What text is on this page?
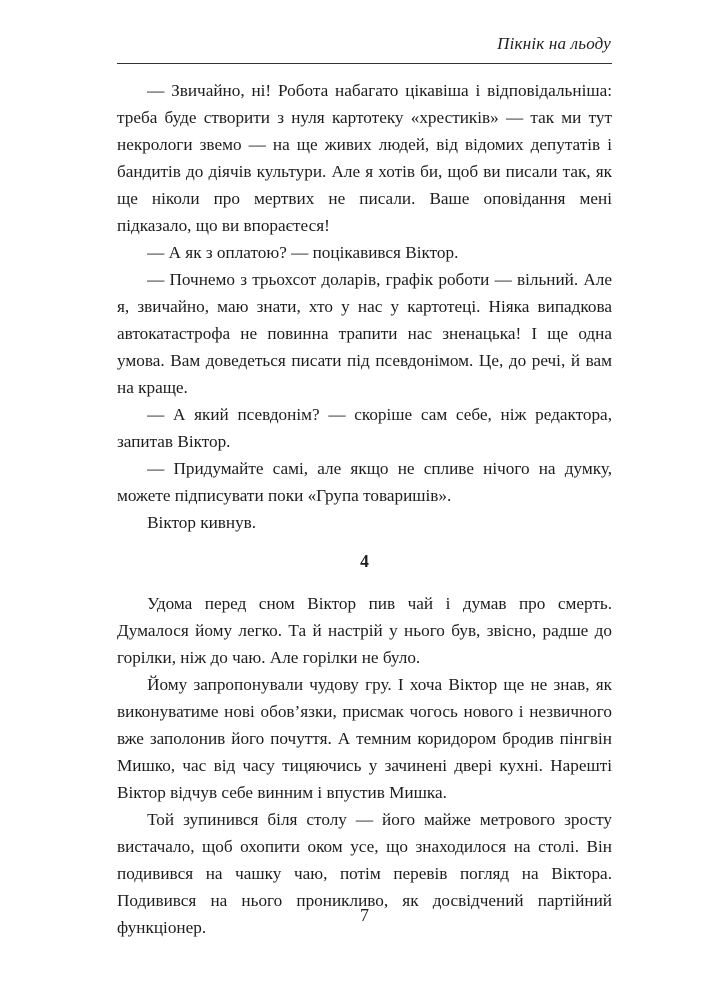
Пікнік на льоду

— Звичайно, ні! Робота набагато цікавіша і відповідальніша: треба буде створити з нуля картотеку «хрестиків» — так ми тут некрологи звемо — на ще живих людей, від відомих депутатів і бандитів до діячів культури. Але я хотів би, щоб ви писали так, як ще ніколи про мертвих не писали. Ваше оповідання мені підказало, що ви впораєтеся!

— А як з оплатою? — поцікавився Віктор.

— Почнемо з трьохсот доларів, графік роботи — вільний. Але я, звичайно, маю знати, хто у нас у картотеці. Ніяка випадкова автокатастрофа не повинна трапити нас зненацька! І ще одна умова. Вам доведеться писати під псевдонімом. Це, до речі, й вам на краще.

— А який псевдонім? — скоріше сам себе, ніж редактора, запитав Віктор.

— Придумайте самі, але якщо не спливе нічого на думку, можете підписувати поки «Група товаришів».

Віктор кивнув.

4

Удома перед сном Віктор пив чай і думав про смерть. Думалося йому легко. Та й настрій у нього був, звісно, радше до горілки, ніж до чаю. Але горілки не було.

Йому запропонували чудову гру. І хоча Віктор ще не знав, як виконуватиме нові обов’язки, присмак чогось нового і незвичного вже заполонив його почуття. А темним коридором бродив пінгвін Мишко, час від часу тицяючись у зачинені двері кухні. Нарешті Віктор відчув себе винним і впустив Мишка.

Той зупинився біля столу — його майже метрового зросту вистачало, щоб охопити оком усе, що знаходилося на столі. Він подивився на чашку чаю, потім перевів погляд на Віктора. Подивився на нього проникливо, як досвідчений партійний функціонер.

7
